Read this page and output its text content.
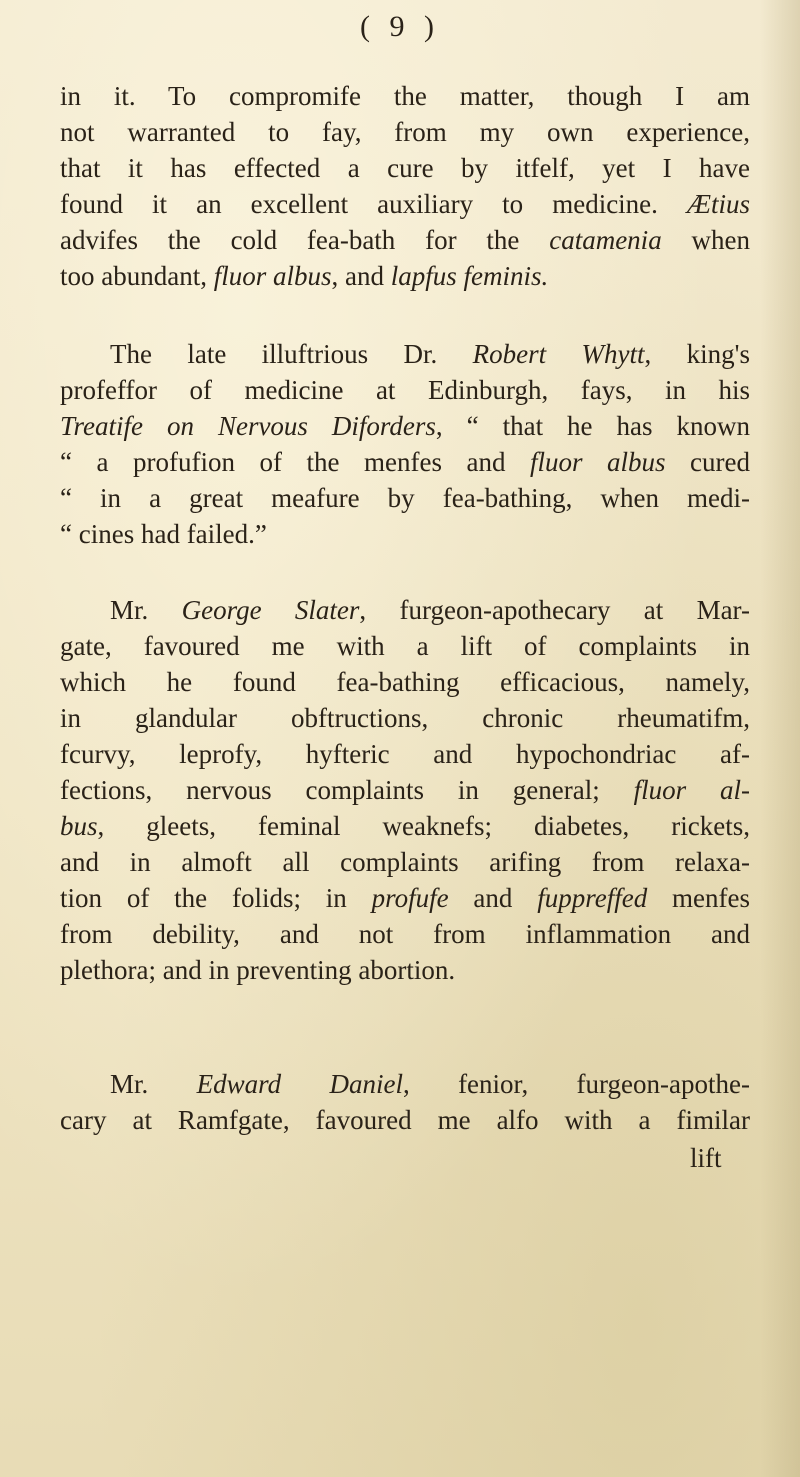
( 9 )
in it. To compromife the matter, though I am
not warranted to fay, from my own experience,
that it has effected a cure by itfelf, yet I have
found it an excellent auxiliary to medicine. Ætius
advifes the cold fea-bath for the catamenia when
too abundant, fluor albus, and lapfus feminis.
The late illuftrious Dr. Robert Whytt, king's
profeffor of medicine at Edinburgh, fays, in his
Treatife on Nervous Diforders, “ that he has known
“ a profufion of the menfes and fluor albus cured
“ in a great meafure by fea-bathing, when medi-
“ cines had failed.”
Mr. George Slater, furgeon-apothecary at Mar-
gate, favoured me with a lift of complaints in
which he found fea-bathing efficacious, namely,
in glandular obftructions, chronic rheumatifm,
fcurvy, leprofy, hyfteric and hypochondriac af-
fections, nervous complaints in general; fluor al-
bus, gleets, feminal weaknefs; diabetes, rickets,
and in almoft all complaints arifing from relaxa-
tion of the folids; in profufe and fuppreffed menfes
from debility, and not from inflammation and
plethora; and in preventing abortion.
Mr. Edward Daniel, fenior, furgeon-apothe-
cary at Ramfgate, favoured me alfo with a fimilar
lift
